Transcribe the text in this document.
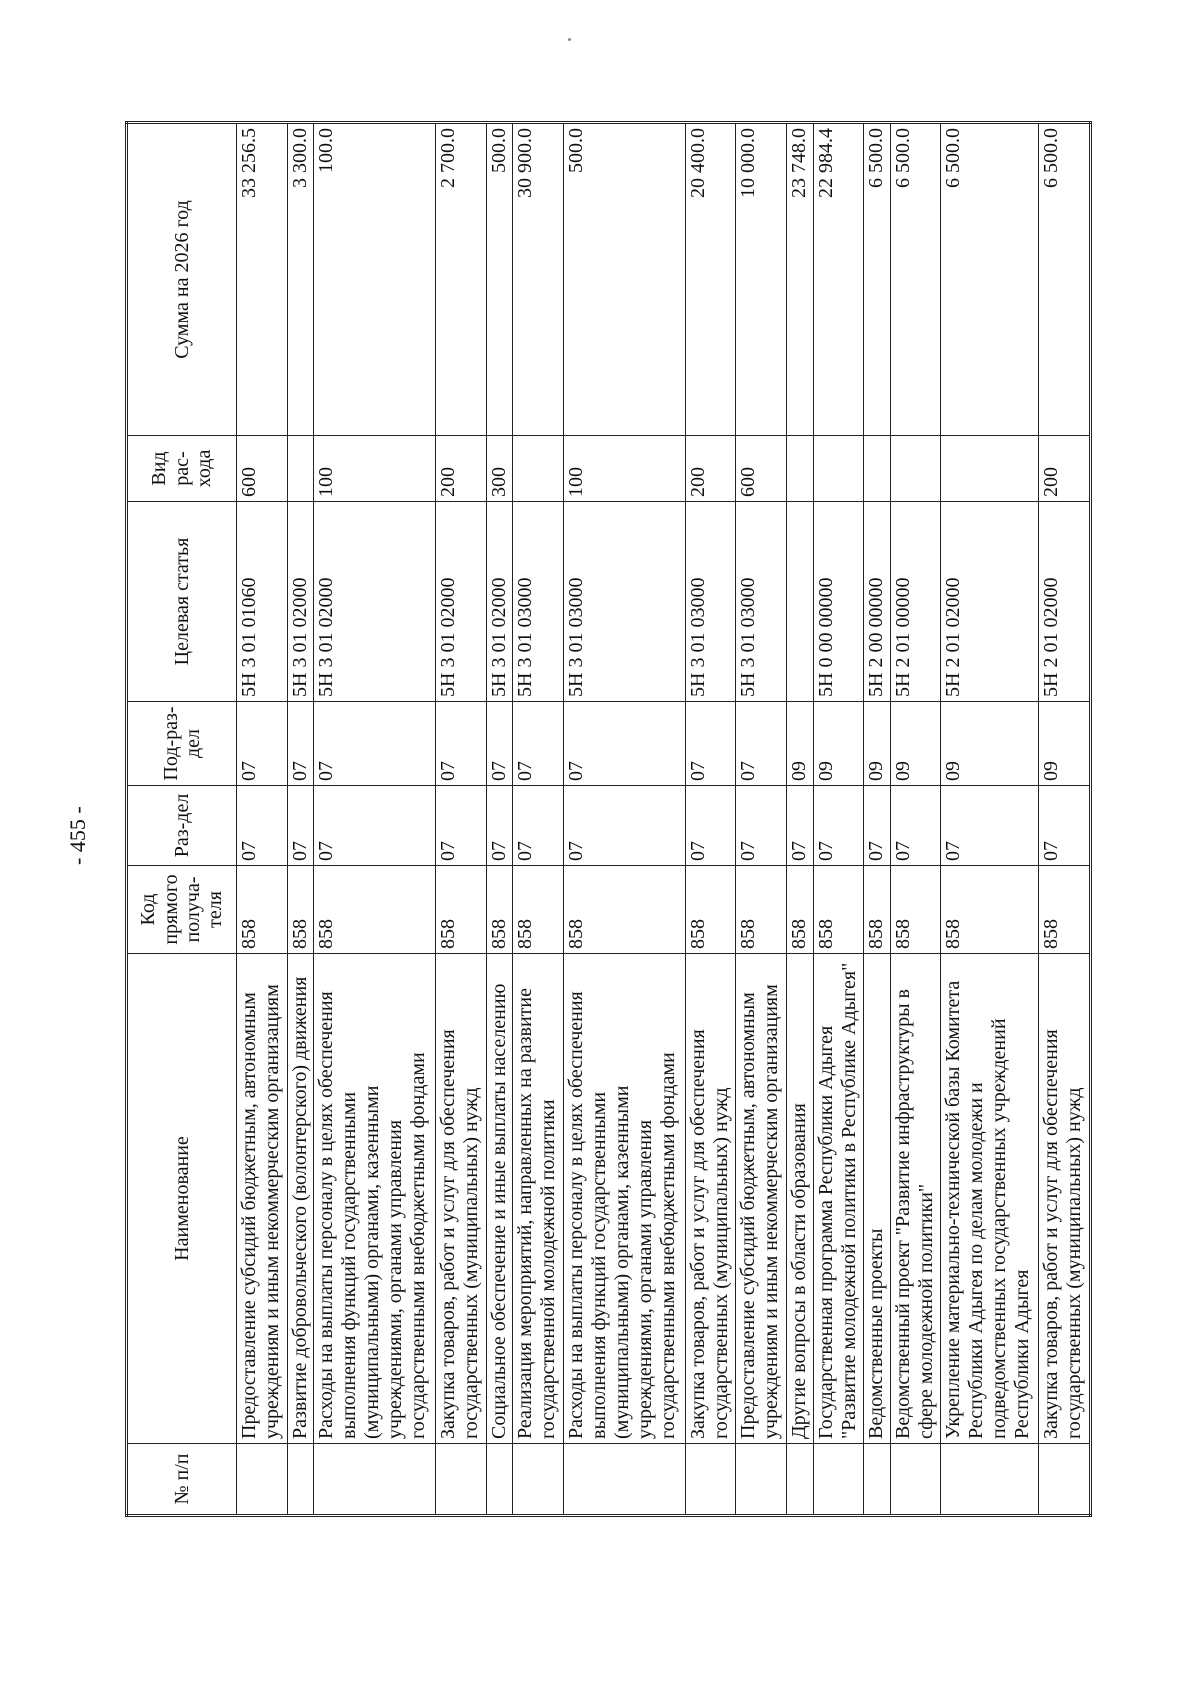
- 455 -
№ п/п	Наименование	Код прямого получа-теля	Раз-дел	Под-раз-дел	Целевая статья	Вид рас-хода	Сумма на 2026 год
	Предоставление субсидий бюджетным, автономным учреждениям и иным некоммерческим организациям	858	07	07	5Н 3 01 01060	600	33 256.5
	Развитие добровольческого (волонтерского) движения	858	07	07	5Н 3 01 02000		3 300.0
	Расходы на выплаты персоналу в целях обеспечения выполнения функций государственными (муниципальными) органами, казенными учреждениями, органами управления государственными внебюджетными фондами	858	07	07	5Н 3 01 02000	100	100.0
	Закупка товаров, работ и услуг для обеспечения государственных (муниципальных) нужд	858	07	07	5Н 3 01 02000	200	2 700.0
	Социальное обеспечение и иные выплаты населению	858	07	07	5Н 3 01 02000	300	500.0
	Реализация мероприятий, направленных на развитие государственной молодежной политики	858	07	07	5Н 3 01 03000		30 900.0
	Расходы на выплаты персоналу в целях обеспечения выполнения функций государственными (муниципальными) органами, казенными учреждениями, органами управления государственными внебюджетными фондами	858	07	07	5Н 3 01 03000	100	500.0
	Закупка товаров, работ и услуг для обеспечения государственных (муниципальных) нужд	858	07	07	5Н 3 01 03000	200	20 400.0
	Предоставление субсидий бюджетным, автономным учреждениям и иным некоммерческим организациям	858	07	07	5Н 3 01 03000	600	10 000.0
	Другие вопросы в области образования	858	07	09			23 748.0
	Государственная программа Республики Адыгея "Развитие молодежной политики в Республике Адыгея"	858	07	09	5Н 0 00 00000		22 984.4
	Ведомственные проекты	858	07	09	5Н 2 00 00000		6 500.0
	Ведомственный проект "Развитие инфраструктуры в сфере молодежной политики"	858	07	09	5Н 2 01 00000		6 500.0
	Укрепление материально-технической базы Комитета Республики Адыгея по делам молодежи и подведомственных государственных учреждений Республики Адыгея	858	07	09	5Н 2 01 02000		6 500.0
	Закупка товаров, работ и услуг для обеспечения государственных (муниципальных) нужд	858	07	09	5Н 2 01 02000	200	6 500.0
